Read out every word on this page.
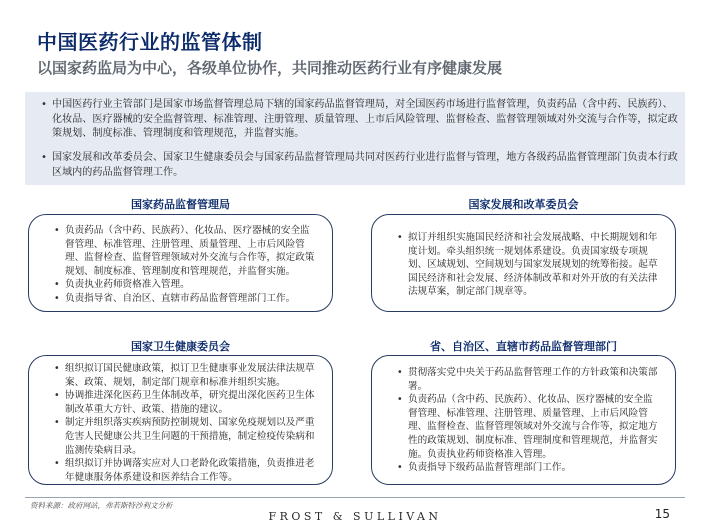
中国医药行业的监管体制
以国家药监局为中心，各级单位协作，共同推动医药行业有序健康发展
• 中国医药行业主管部门是国家市场监督管理总局下辖的国家药品监督管理局，对全国医药市场进行监督管理，负责药品（含中药、民族药）、化妆品、医疗器械的安全监督管理、标准管理、注册管理、质量管理、上市后风险管理、监督检查、监督管理领域对外交流与合作等，拟定政策规划、制度标准、管理制度和管理规范，并监督实施。
• 国家发展和改革委员会、国家卫生健康委员会与国家药品监督管理局共同对医药行业进行监督与管理，地方各级药品监督管理部门负责本行政区域内的药品监督管理工作。
国家药品监督管理局
• 负责药品（含中药、民族药）、化妆品、医疗器械的安全监督管理、标准管理、注册管理、质量管理、上市后风险管理、监督检查、监督管理领域对外交流与合作等，拟定政策规划、制度标准、管理制度和管理规范，并监督实施。
• 负责执业药师资格准入管理。
• 负责指导省、自治区、直辖市药品监督管理部门工作。
国家发展和改革委员会
• 拟订并组织实施国民经济和社会发展战略、中长期规划和年度计划。牵头组织统一规划体系建设。负责国家级专项规划、区域规划、空间规划与国家发展规划的统筹衔接。起草国民经济和社会发展、经济体制改革和对外开放的有关法律法规草案，制定部门规章等。
国家卫生健康委员会
• 组织拟订国民健康政策，拟订卫生健康事业发展法律法规草案、政策、规划，制定部门规章和标准并组织实施。
• 协调推进深化医药卫生体制改革，研究提出深化医药卫生体制改革重大方针、政策、措施的建议。
• 制定并组织落实疾病预防控制规划、国家免疫规划以及严重危害人民健康公共卫生问题的干预措施，制定检疫传染病和监测传染病目录。
• 组织拟订并协调落实应对人口老龄化政策措施，负责推进老年健康服务体系建设和医养结合工作等。
省、自治区、直辖市药品监督管理部门
• 贯彻落实党中央关于药品监督管理工作的方针政策和决策部署。
• 负责药品（含中药、民族药）、化妆品、医疗器械的安全监督管理、标准管理、注册管理、质量管理、上市后风险管理、监督检查、监督管理领域对外交流与合作等，拟定地方性的政策规划、制度标准、管理制度和管理规范，并监督实施。负责执业药师资格准入管理。
• 负责指导下级药品监督管理部门工作。
资料来源：政府网站，弗若斯特沙利文分析
FROST & SULLIVAN	15
